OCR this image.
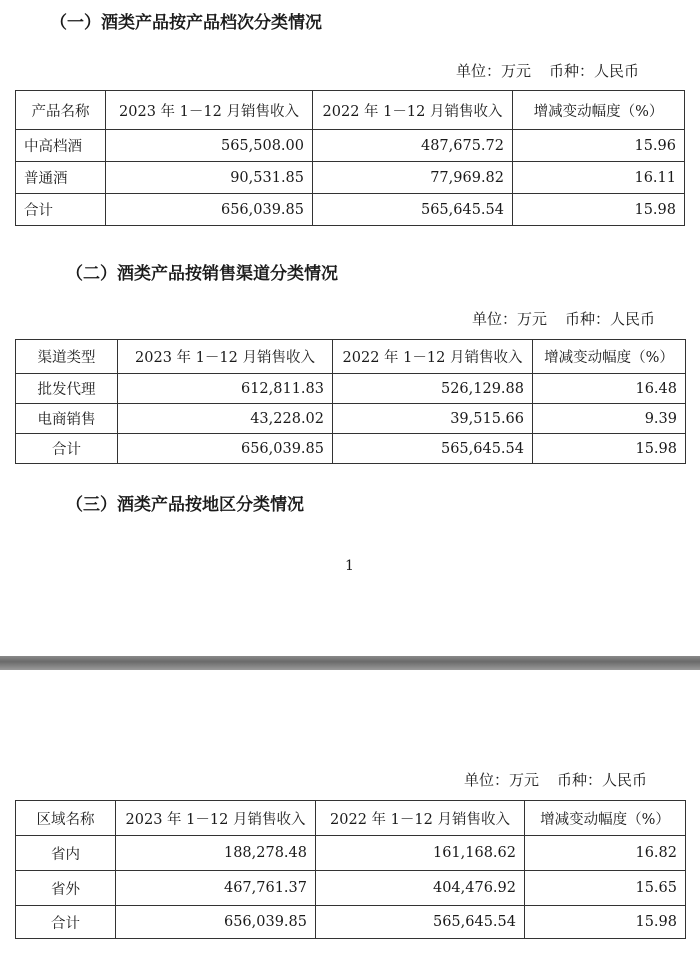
（一）酒类产品按产品档次分类情况
单位：万元 币种：人民币
产品名称	2023 年 1－12 月销售收入	2022 年 1－12 月销售收入	增减变动幅度（%）
中高档酒	565,508.00	487,675.72	15.96
普通酒	90,531.85	77,969.82	16.11
合计	656,039.85	565,645.54	15.98
（二）酒类产品按销售渠道分类情况
单位：万元 币种：人民币
渠道类型	2023 年 1－12 月销售收入	2022 年 1－12 月销售收入	增减变动幅度（%）
批发代理	612,811.83	526,129.88	16.48
电商销售	43,228.02	39,515.66	9.39
合计	656,039.85	565,645.54	15.98
（三）酒类产品按地区分类情况
1
单位：万元 币种：人民币
区域名称	2023 年 1－12 月销售收入	2022 年 1－12 月销售收入	增减变动幅度（%）
省内	188,278.48	161,168.62	16.82
省外	467,761.37	404,476.92	15.65
合计	656,039.85	565,645.54	15.98
